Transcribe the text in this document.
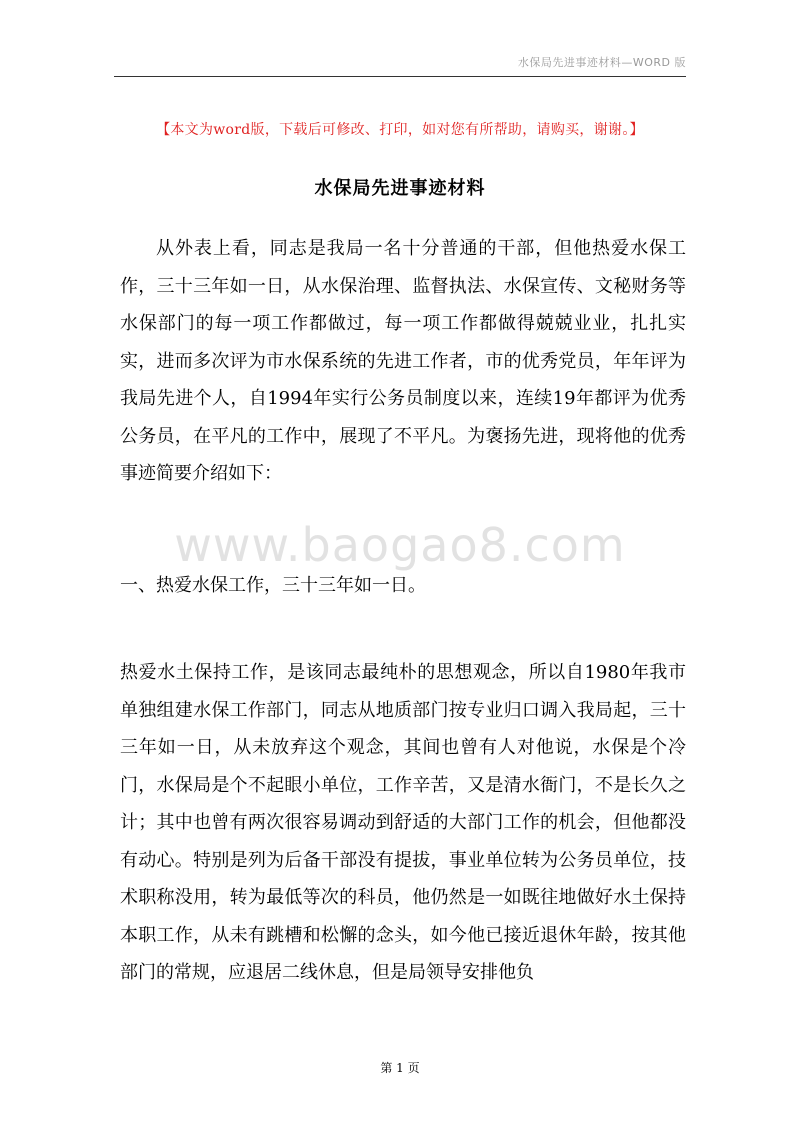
水保局先进事迹材料—WORD 版
【本文为word版，下载后可修改、打印，如对您有所帮助，请购买，谢谢。】
水保局先进事迹材料

从外表上看，同志是我局一名十分普通的干部，但他热爱水保工作，三十三年如一日，从水保治理、监督执法、水保宣传、文秘财务等水保部门的每一项工作都做过，每一项工作都做得兢兢业业，扎扎实实，进而多次评为市水保系统的先进工作者，市的优秀党员，年年评为我局先进个人，自1994年实行公务员制度以来，连续19年都评为优秀公务员，在平凡的工作中，展现了不平凡。为褒扬先进，现将他的优秀事迹简要介绍如下：

www.baogao8.com

一、热爱水保工作，三十三年如一日。

热爱水土保持工作，是该同志最纯朴的思想观念，所以自1980年我市单独组建水保工作部门，同志从地质部门按专业归口调入我局起，三十三年如一日，从未放弃这个观念，其间也曾有人对他说，水保是个冷门，水保局是个不起眼小单位，工作辛苦，又是清水衙门，不是长久之计；其中也曾有两次很容易调动到舒适的大部门工作的机会，但他都没有动心。特别是列为后备干部没有提拔，事业单位转为公务员单位，技术职称没用，转为最低等次的科员，他仍然是一如既往地做好水土保持本职工作，从未有跳槽和松懈的念头，如今他已接近退休年龄，按其他部门的常规，应退居二线休息，但是局领导安排他负

第 1 页
